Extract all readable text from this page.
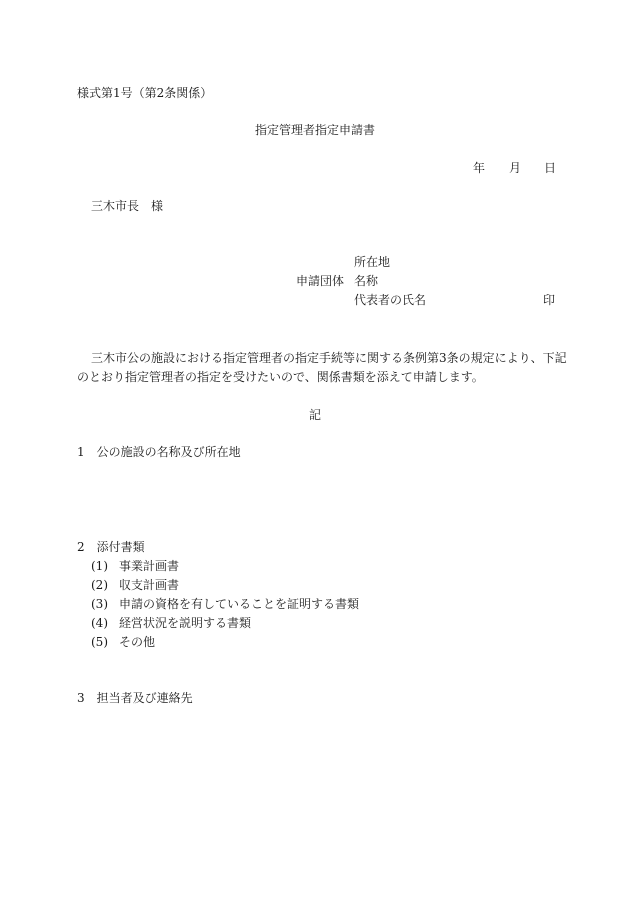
様式第1号（第2条関係）
指定管理者指定申請書
年 月 日
三木市長　様
所在地
申請団体 名称
代表者の氏名	印
三木市公の施設における指定管理者の指定手続等に関する条例第3条の規定により、下記
のとおり指定管理者の指定を受けたいので、関係書類を添えて申請します。
記
1　公の施設の名称及び所在地
2　添付書類
(1) 事業計画書
(2) 収支計画書
(3) 申請の資格を有していることを証明する書類
(4) 経営状況を説明する書類
(5) その他
3　担当者及び連絡先
